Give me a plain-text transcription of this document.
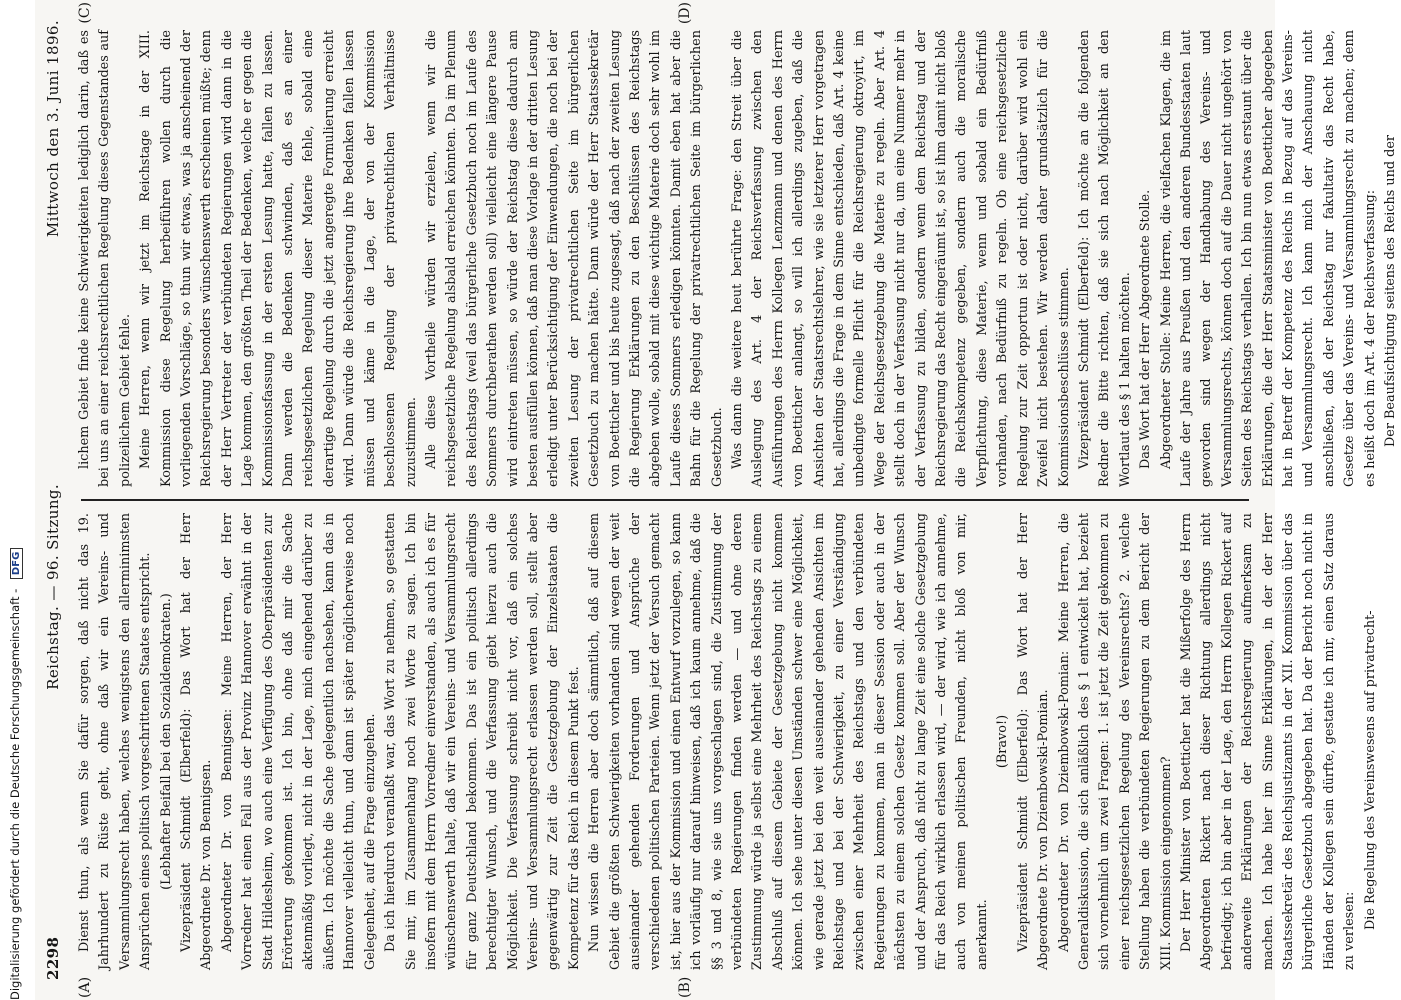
Digitalisierung gefördert durch die Deutsche Forschungsgemeinschaft - DFG
2298
Reichstag. — 96. Sitzung.
Mittwoch den 3. Juni 1896.
(A)	(B)
(C)	(D)

Dienst thun, als wenn Sie dafür sorgen, daß nicht das 19. Jahrhundert zu Rüste geht, ohne daß wir ein Vereins- und Versammlungsrecht haben, welches wenigstens den allerminimsten Ansprüchen eines politisch vorgeschrittenen Staates entspricht. (Lebhafter Beifall bei den Sozialdemokraten.) Vizepräsident Schmidt (Elberfeld): Das Wort hat der Herr Abgeordnete Dr. von Bennigsen. Abgeordneter Dr. von Bennigsen: Meine Herren, der Herr Vorredner hat einen Fall aus der Provinz Hannover erwähnt in der Stadt Hildesheim, wo auch eine Verfügung des Oberpräsidenten zur Erörterung gekommen ist. Ich bin, ohne daß mir die Sache aktenmäßig vorliegt, nicht in der Lage, mich eingehend darüber zu äußern. Ich möchte die Sache gelegentlich nachsehen, kann das in Hannover vielleicht thun, und dann ist später möglicherweise noch Gelegenheit, auf die Frage einzugehen. Da ich hierdurch veranlaßt war, das Wort zu nehmen, so gestatten Sie mir, im Zusammenhang noch zwei Worte zu sagen. Ich bin insofern mit dem Herrn Vorredner einverstanden, als auch ich es für wünschenswerth halte, daß wir ein Vereins- und Versammlungsrecht für ganz Deutschland bekommen. Das ist ein politisch allerdings berechtigter Wunsch, und die Verfassung giebt hierzu auch die Möglichkeit. Die Verfassung schreibt nicht vor, daß ein solches Vereins- und Versammlungsrecht erlassen werden soll, stellt aber gegenwärtig zur Zeit die Gesetzgebung der Einzelstaaten die Kompetenz für das Reich in diesem Punkt fest. Nun wissen die Herren aber doch sämmtlich, daß auf diesem Gebiet die größten Schwierigkeiten vorhanden sind wegen der weit auseinander gehenden Forderungen und Ansprüche der verschiedenen politischen Parteien. Wenn jetzt der Versuch gemacht ist, hier aus der Kommission und einen Entwurf vorzulegen, so kann ich vorläufig nur darauf hinweisen, daß ich kaum annehme, daß die §§ 3 und 8, wie sie uns vorgeschlagen sind, die Zustimmung der verbündeten Regierungen finden werden — und ohne deren Zustimmung würde ja selbst eine Mehrheit des Reichstags zu einem Abschluß auf diesem Gebiete der Gesetzgebung nicht kommen können. Ich sehe unter diesen Umständen schwer eine Möglichkeit, wie gerade jetzt bei den weit auseinander gehenden Ansichten im Reichstage und bei der Schwierigkeit, zu einer Verständigung zwischen einer Mehrheit des Reichstags und den verbündeten Regierungen zu kommen, man in dieser Session oder auch in der nächsten zu einem solchen Gesetz kommen soll. Aber der Wunsch und der Anspruch, daß nicht zu lange Zeit eine solche Gesetzgebung für das Reich wirklich erlassen wird, — der wird, wie ich annehme, auch von meinen politischen Freunden, nicht bloß von mir, anerkannt.

(Bravo!) Vizepräsident Schmidt (Elberfeld): Das Wort hat der Herr Abgeordnete Dr. von Dziembowski-Pomian. Abgeordneter Dr. von Dziembowski-Pomian: Meine Herren, die Generaldiskussion, die sich anläßlich des § 1 entwickelt hat, bezieht sich vornehmlich um zwei Fragen: 1. ist jetzt die Zeit gekommen zu einer reichsgesetzlichen Regelung des Vereinsrechts? 2. welche Stellung haben die verbündeten Regierungen zu dem Bericht der XIII. Kommission eingenommen? Der Herr Minister von Boetticher hat die Mißerfolge des Herrn Abgeordneten Rickert nach dieser Richtung allerdings nicht befriedigt; ich bin aber in der Lage, den Herrn Kollegen Rickert auf anderweite Erklärungen der Reichsregierung aufmerksam zu machen. Ich habe hier im Sinne Erklärungen, in der der Herr Staatssekretär des Reichsjustizamts in der XII. Kommission über das bürgerliche Gesetzbuch abgegeben hat. Da der Bericht noch nicht in Händen der Kollegen sein dürfte, gestatte ich mir, einen Satz daraus zu verlesen:

Die Regelung des Vereinswesens auf privatrecht-

lichem Gebiet finde keine Schwierigkeiten lediglich darin, daß es bei uns an einer reichsrechtlichen Regelung dieses Gegenstandes auf polizeilichem Gebiet fehle. Meine Herren, wenn wir jetzt im Reichstage in der XIII. Kommission diese Regelung herbeiführen wollen durch die vorliegenden Vorschläge, so thun wir etwas, was ja anscheinend der Reichsregierung besonders wünschenswerth erscheinen müßte; denn der Herr Vertreter der verbündeten Regierungen wird dann in die Lage kommen, den größten Theil der Bedenken, welche er gegen die Kommissionsfassung in der ersten Lesung hatte, fallen zu lassen. Dann werden die Bedenken schwinden, daß es an einer reichsgesetzlichen Regelung dieser Materie fehle, sobald eine derartige Regelung durch die jetzt angeregte Formulierung erreicht wird. Dann würde die Reichsregierung ihre Bedenken fallen lassen müssen und käme in die Lage, der von der Kommission beschlossenen Regelung der privatrechtlichen Verhältnisse zuzustimmen. Alle diese Vortheile würden wir erzielen, wenn wir die reichsgesetzliche Regelung alsbald erreichen könnten. Da im Plenum des Reichstags (weil das bürgerliche Gesetzbuch noch im Laufe des Sommers durchberathen werden soll) vielleicht eine längere Pause wird eintreten müssen, so würde der Reichstag diese dadurch am besten ausfüllen können, daß man diese Vorlage in der dritten Lesung erledigt unter Berücksichtigung der Einwendungen, die noch bei der zweiten Lesung der privatrechtlichen Seite im bürgerlichen Gesetzbuch zu machen hätte. Dann würde der Herr Staatssekretär von Boetticher und bis heute zugesagt, daß nach der zweiten Lesung die Regierung Erklärungen zu den Beschlüssen des Reichstags abgeben wolle, sobald mit diese wichtige Materie doch sehr wohl im Laufe dieses Sommers erledigen könnten. Damit eben hat aber die Bahn für die Regelung der privatrechtlichen Seite im bürgerlichen Gesetzbuch. Was dann die weitere heut berührte Frage: den Streit über die Auslegung des Art. 4 der Reichsverfassung zwischen den Ausführungen des Herrn Kollegen Lenzmann und denen des Herrn von Boetticher anlangt, so will ich allerdings zugeben, daß die Ansichten der Staatsrechtslehrer, wie sie letzterer Herr vorgetragen hat, allerdings die Frage in dem Sinne entschieden, daß Art. 4 keine unbedingte formelle Pflicht für die Reichsregierung oktroyirt, im Wege der Reichsgesetzgebung die Materie zu regeln. Aber Art. 4 stellt doch in der Verfassung nicht nur da, um eine Nummer mehr in der Verfassung zu bilden, sondern wenn dem Reichstag und der Reichsregierung das Recht eingeräumt ist, so ist ihm damit nicht bloß die Reichskompetenz gegeben, sondern auch die moralische Verpflichtung, diese Materie, wenn und sobald ein Bedürfniß vorhanden, nach Bedürfniß zu regeln. Ob eine reichsgesetzliche Regelung zur Zeit opportun ist oder nicht, darüber wird wohl ein Zweifel nicht bestehen. Wir werden daher grundsätzlich für die Kommissionsbeschlüsse stimmen. Vizepräsident Schmidt (Elberfeld): Ich möchte an die folgenden Redner die Bitte richten, daß sie sich nach Möglichkeit an den Wortlaut des § 1 halten möchten. Das Wort hat der Herr Abgeordnete Stolle. Abgeordneter Stolle: Meine Herren, die vielfachen Klagen, die im Laufe der Jahre aus Preußen und den anderen Bundesstaaten laut geworden sind wegen der Handhabung des Vereins- und Versammlungsrechts, können doch auf die Dauer nicht ungehört von Seiten des Reichstags verhallen. Ich bin nun etwas erstaunt über die Erklärungen, die der Herr Staatsminister von Boetticher abgegeben hat in Betreff der Kompetenz des Reichs in Bezug auf das Vereins- und Versammlungsrecht. Ich kann mich der Anschauung nicht anschließen, daß der Reichstag nur fakultativ das Recht habe, Gesetze über das Vereins- und Versammlungsrecht zu machen; denn es heißt doch im Art. 4 der Reichsverfassung: Der Beaufsichtigung seitens des Reichs und der
